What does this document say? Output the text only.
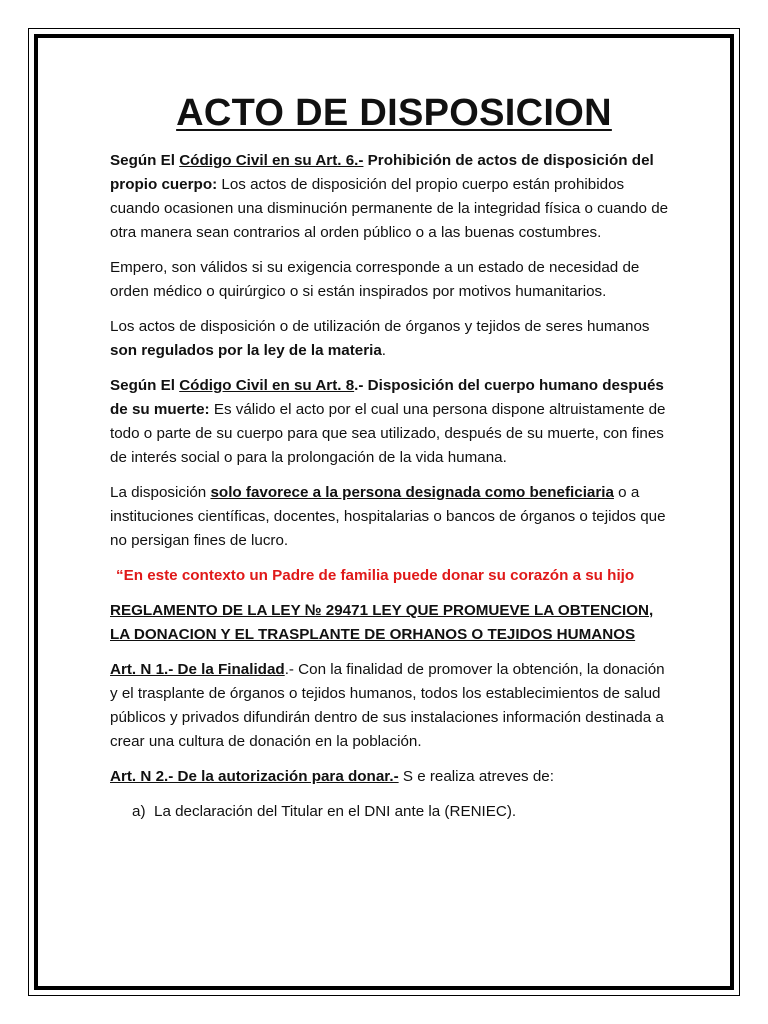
ACTO DE DISPOSICION

Según El Código Civil en su Art. 6.- Prohibición de actos de disposición del propio cuerpo: Los actos de disposición del propio cuerpo están prohibidos cuando ocasionen una disminución permanente de la integridad física o cuando de otra manera sean contrarios al orden público o a las buenas costumbres.

Empero, son válidos si su exigencia corresponde a un estado de necesidad de orden médico o quirúrgico o si están inspirados por motivos humanitarios.

Los actos de disposición o de utilización de órganos y tejidos de seres humanos son regulados por la ley de la materia.

Según El Código Civil en su Art. 8.- Disposición del cuerpo humano después de su muerte: Es válido el acto por el cual una persona dispone altruistamente de todo o parte de su cuerpo para que sea utilizado, después de su muerte, con fines de interés social o para la prolongación de la vida humana.

La disposición solo favorece a la persona designada como beneficiaria o a instituciones científicas, docentes, hospitalarias o bancos de órganos o tejidos que no persigan fines de lucro.

“En este contexto un Padre de familia puede donar su corazón a su hijo

REGLAMENTO DE LA LEY № 29471 LEY QUE PROMUEVE LA OBTENCION, LA DONACION Y EL TRASPLANTE DE ORHANOS O TEJIDOS HUMANOS

Art. N 1.- De la Finalidad.- Con la finalidad de promover la obtención, la donación y el trasplante de órganos o tejidos humanos, todos los establecimientos de salud públicos y privados difundirán dentro de sus instalaciones información destinada a crear una cultura de donación en la población.

Art. N 2.- De la autorización para donar.- S e realiza atreves de:

a) La declaración del Titular en el DNI ante la (RENIEC).
